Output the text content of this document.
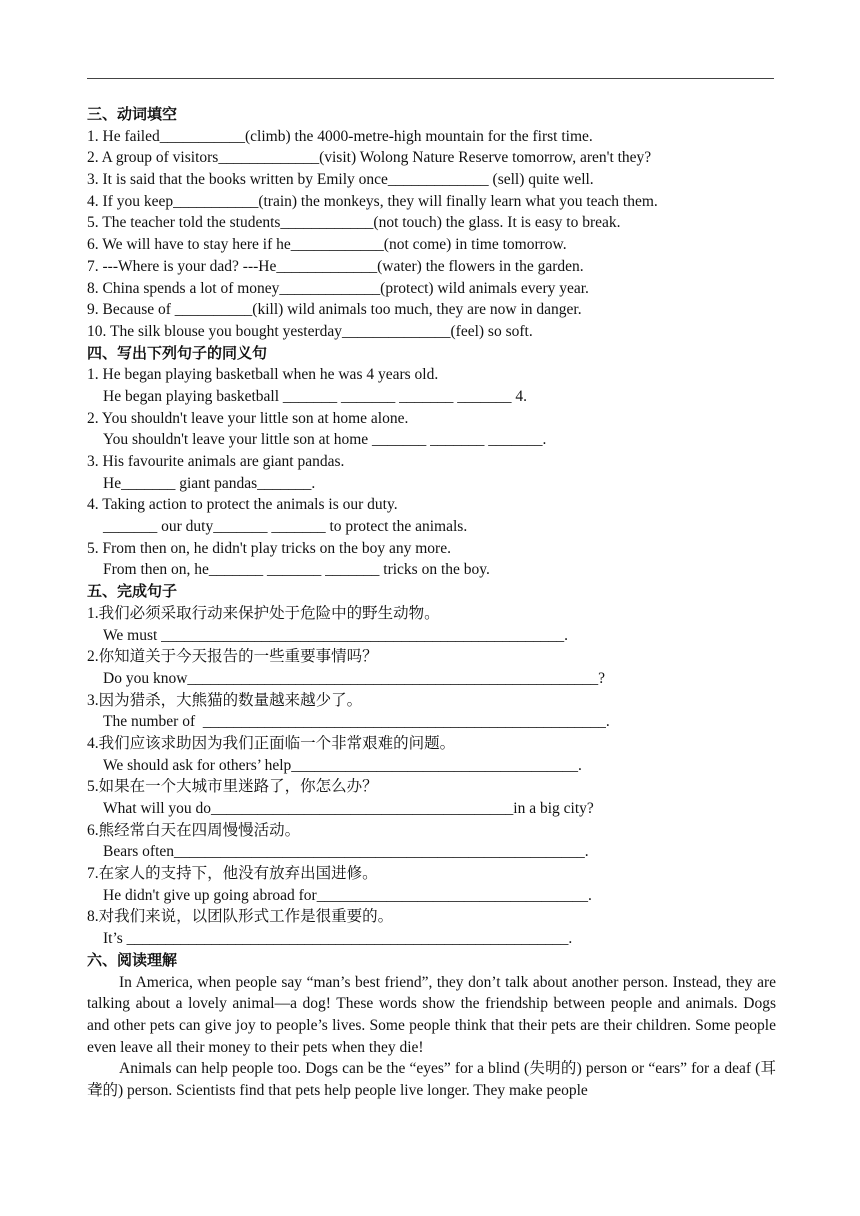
三、动词填空
1. He failed___________(climb) the 4000-metre-high mountain for the first time.
2. A group of visitors_____________(visit) Wolong Nature Reserve tomorrow, aren't they?
3. It is said that the books written by Emily once_____________ (sell) quite well.
4. If you keep___________(train) the monkeys, they will finally learn what you teach them.
5. The teacher told the students____________(not touch) the glass. It is easy to break.
6. We will have to stay here if he____________(not come) in time tomorrow.
7. ---Where is your dad? ---He_____________(water) the flowers in the garden.
8. China spends a lot of money_____________(protect) wild animals every year.
9. Because of __________(kill) wild animals too much, they are now in danger.
10. The silk blouse you bought yesterday______________(feel) so soft.
四、写出下列句子的同义句
1. He began playing basketball when he was 4 years old.
He began playing basketball _______ _______ _______ _______ 4.
2. You shouldn't leave your little son at home alone.
You shouldn't leave your little son at home _______ _______ _______.
3. His favourite animals are giant pandas.
He_______ giant pandas_______.
4. Taking action to protect the animals is our duty.
_______ our duty_______ _______ to protect the animals.
5. From then on, he didn't play tricks on the boy any more.
From then on, he_______ _______ _______ tricks on the boy.
五、完成句子
1.我们必须采取行动来保护处于危险中的野生动物。
We must ____________________________________________________.
2.你知道关于今天报告的一些重要事情吗？
Do you know_____________________________________________________?
3.因为猎杀，大熊猫的数量越来越少了。
The number of  ____________________________________________________.
4.我们应该求助因为我们正面临一个非常艰难的问题。
We should ask for others’ help_____________________________________.
5.如果在一个大城市里迷路了，你怎么办？
What will you do_______________________________________in a big city?
6.熊经常白天在四周慢慢活动。
Bears often_____________________________________________________.
7.在家人的支持下，他没有放弃出国进修。
He didn't give up going abroad for___________________________________.
8.对我们来说，以团队形式工作是很重要的。
It’s _________________________________________________________.
六、阅读理解

In America, when people say “man’s best friend”, they don’t talk about another person. Instead, they are talking about a lovely animal—a dog! These words show the friendship between people and animals. Dogs and other pets can give joy to people’s lives. Some people think that their pets are their children. Some people even leave all their money to their pets when they die!

Animals can help people too. Dogs can be the “eyes” for a blind (失明的) person or “ears” for a deaf (耳聋的) person. Scientists find that pets help people live longer. They make people
